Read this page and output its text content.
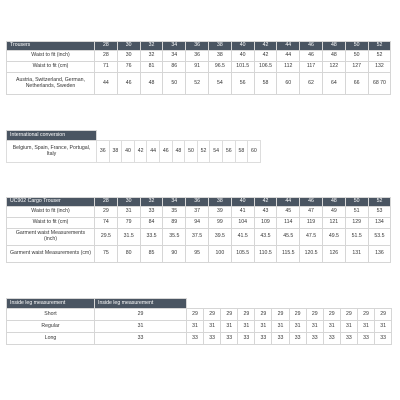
Trousers	28	30	32	34	36	38	40	42	44	46	48	50	52
Waist to fit (inch)	28	30	32	34	36	38	40	42	44	46	48	50	52
Waist to fit (cm)	71	76	81	86	91	96.5	101.5	106.5	112	117	122	127	132
Austria, Switzerland, German, Netherlands, Sweden	44	46	48	50	52	54	56	58	60	62	64	66	68 70
International conversion
Belgium, Spain, France, Portugal, Italy	36	38	40	42	44	46	48	50	52	54	56	58	60
UC902 Cargo Trouser	28	30	32	34	36	38	40	42	44	46	48	50	52
Waist to fit (inch)	29	31	33	35	37	39	41	43	45	47	49	51	53
Waist to fit (cm)	74	79	84	89	94	99	104	109	114	119	121	129	134
Garment waist Measurements (inch)	29.5	31.5	33.5	35.5	37.5	39.5	41.5	43.5	45.5	47.5	49.5	51.5	53.5
Garment waist Measurements (cm)	75	80	85	90	95	100	105.5	110.5	115.5	120.5	126	131	136
Inside leg measurement	Inside leg measurement												
Short	29	29	29	29	29	29	29	29	29	29	29	29	29
Regular	31	31	31	31	31	31	31	31	31	31	31	31	31
Long	33	33	33	33	33	33	33	33	33	33	33	33	33
